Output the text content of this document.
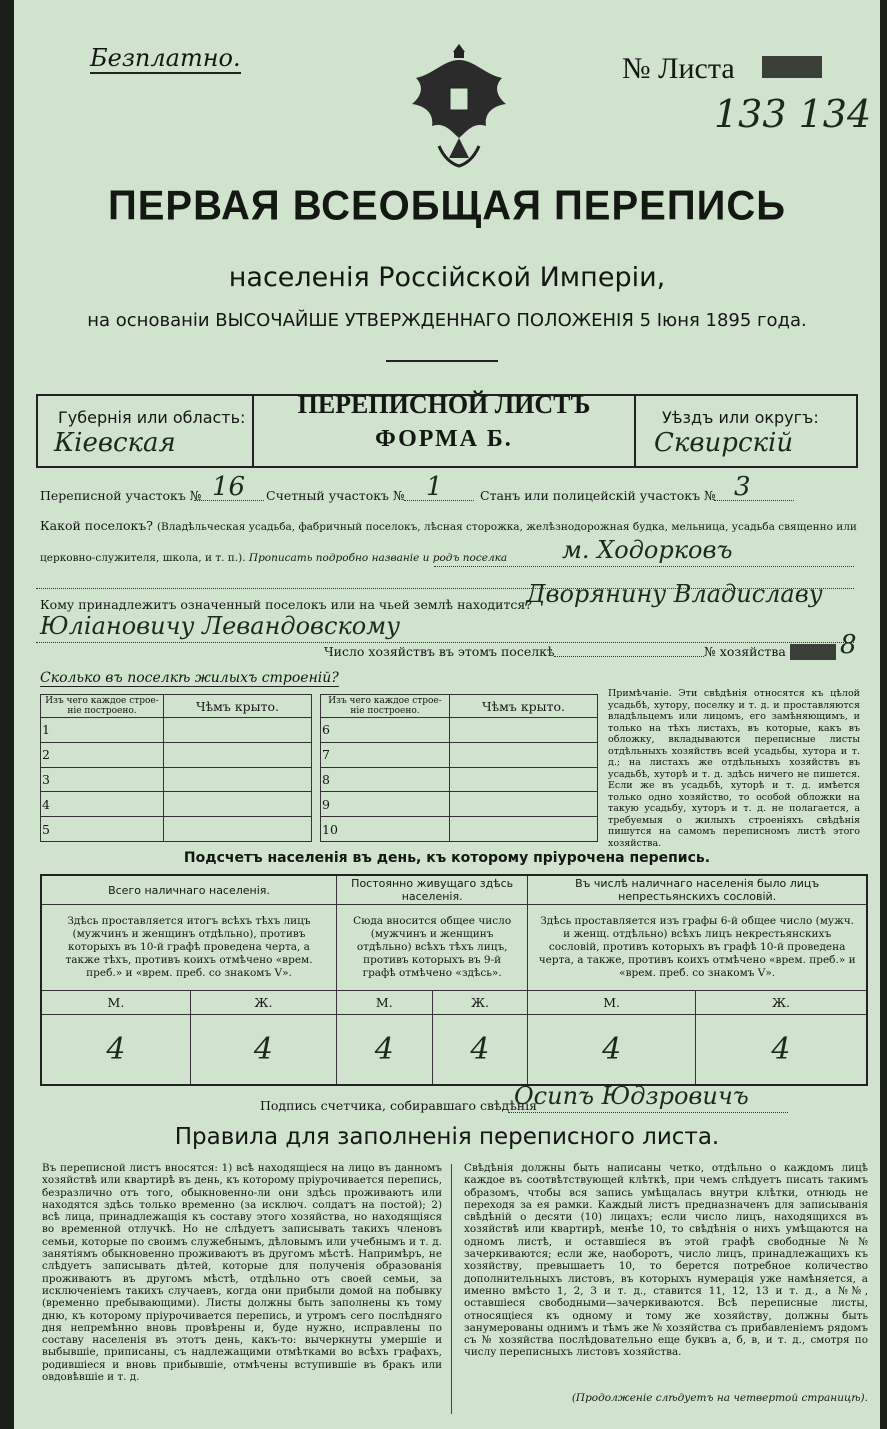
Безплатно.	№ Листа
133 134
ПЕРВАЯ ВСЕОБЩАЯ ПЕРЕПИСЬ
населенія Россійской Имперіи,
на основаніи ВЫСОЧАЙШЕ УТВЕРЖДЕННАГО ПОЛОЖЕНІЯ 5 Іюня 1895 года.
Губернія или область:
Кіевская
ПЕРЕПИСНОЙ ЛИСТЪ
ФОРМА Б.
Уѣздъ или округъ:
Сквирскій
Переписной участокъ № 16 Счетный участокъ № 1	Станъ или полицейскій участокъ № 3
Какой поселокъ? (Владѣльческая усадьба, фабричный поселокъ, лѣсная сторожка, желѣзнодорожная будка, мельница, усадьба священно или
церковно-служителя, школа, и т. п.). Прописать подробно названіе и родъ поселка м. Ходорковъ
Кому принадлежитъ означенный поселокъ или на чьей землѣ находится?
Дворянину Владиславу
Юліановичу Левандовскому
Число хозяйствъ въ этомъ поселкѣ	№ хозяйства 8
Сколько въ поселкѣ жилыхъ строеній?
Изъ чего каждое строе-ніе построено.	Чѣмъ крыто.
1	
2	
3	
4	
5	
Изъ чего каждое строе-ніе построено.	Чѣмъ крыто.
6	
7	
8	
9	
10	
Примѣчаніе. Эти свѣдѣнія относятся къ цѣлой усадьбѣ, хутору, поселку и т. д. и проставляются владѣльцемъ или лицомъ, его замѣняющимъ, и только на тѣхъ листахъ, въ которые, какъ въ обложку, вкладываются переписные листы отдѣльныхъ хозяйствъ всей усадьбы, хутора и т. д.; на листахъ же отдѣльныхъ хозяйствъ въ усадьбѣ, хуторѣ и т. д. здѣсь ничего не пишется. Если же въ усадьбѣ, хуторѣ и т. д. имѣется только одно хозяйство, то особой обложки на такую усадьбу, хуторъ и т. д. не полагается, а требуемыя о жилыхъ строеніяхъ свѣдѣнія пишутся на самомъ переписномъ листѣ этого хозяйства.
Подсчетъ населенія въ день, къ которому пріурочена перепись.
Всего наличнаго населенія.		Постоянно живущаго здѣсь населенія.		Въ числѣ наличнаго населенія было лицъ непрестьянскихъ сословій.	
Здѣсь проставляется итогъ всѣхъ тѣхъ лицъ (мужчинъ и женщинъ отдѣльно), противъ которыхъ въ 10-й графѣ проведена черта, а также тѣхъ, противъ коихъ отмѣчено «врем. преб.» и «врем. преб. со знакомъ V».		Сюда вносится общее число (мужчинъ и женщинъ отдѣльно) всѣхъ тѣхъ лицъ, противъ которыхъ въ 9-й графѣ отмѣчено «здѣсь».		Здѣсь проставляется изъ графы 6-й общее число (мужч. и женщ. отдѣльно) всѣхъ лицъ некрестьянскихъ сословій, противъ которыхъ въ графѣ 10-й проведена черта, а также, противъ коихъ отмѣчено «врем. преб.» и «врем. преб. со знакомъ V».	
М.	Ж.	М.	Ж.	М.	Ж.
4	4	4	4	4	4
Подпись счетчика, собиравшаго свѣдѣнія
Осипъ Юдзровичъ
Правила для заполненія переписного листа.
Въ переписной листъ вносятся: 1) всѣ находящіеся на лицо въ данномъ хозяйствѣ или квартирѣ въ день, къ которому пріурочивается перепись, безразлично отъ того, обыкновенно-ли они здѣсь проживаютъ или находятся здѣсь только временно (за исключ. солдатъ на постой); 2) всѣ лица, принадлежащія къ составу этого хозяйства, но находящіяся во временной отлучкѣ. Но не слѣдуетъ записывать такихъ членовъ семьи, которые по своимъ служебнымъ, дѣловымъ или учебнымъ и т. д. занятіямъ обыкновенно проживаютъ въ другомъ мѣстѣ. Напримѣръ, не слѣдуетъ записывать дѣтей, которые для полученія образованія проживаютъ въ другомъ мѣстѣ, отдѣльно отъ своей семьи, за исключеніемъ такихъ случаевъ, когда они прибыли домой на побывку (временно пребывающими). Листы должны быть заполнены къ тому дню, къ которому пріурочивается перепись, и утромъ сего послѣдняго дня непремѣнно вновь провѣрены и, буде нужно, исправлены по составу населенія въ этотъ день, какъ-то: вычеркнуты умершіе и выбывшіе, приписаны, съ надлежащими отмѣтками во всѣхъ графахъ, родившіеся и вновь прибывшіе, отмѣчены вступившіе въ бракъ или овдовѣвшіе и т. д.
Свѣдѣнія должны быть написаны четко, отдѣльно о каждомъ лицѣ каждое въ соотвѣтствующей клѣткѣ, при чемъ слѣдуетъ писать такимъ образомъ, чтобы вся запись умѣщалась внутри клѣтки, отнюдь не переходя за ея рамки. Каждый листъ предназначенъ для записыванія свѣдѣній о десяти (10) лицахъ; если число лицъ, находящихся въ хозяйствѣ или квартирѣ, менѣе 10, то свѣдѣнія о нихъ умѣщаются на одномъ листѣ, и оставшіеся въ этой графѣ свободные №№ зачеркиваются; если же, наоборотъ, число лицъ, принадлежащихъ къ хозяйству, превышаетъ 10, то берется потребное количество дополнительныхъ листовъ, въ которыхъ нумерація уже намѣняется, а именно вмѣсто 1, 2, 3 и т. д., ставится 11, 12, 13 и т. д., а №№, оставшіеся свободными—зачеркиваются. Всѣ переписные листы, относящіеся къ одному и тому же хозяйству, должны быть занумерованы однимъ и тѣмъ же № хозяйства съ прибавленіемъ рядомъ съ № хозяйства послѣдовательно еще буквъ а, б, в, и т. д., смотря по числу переписныхъ листовъ хозяйства.
(Продолженіе слѣдуетъ на четвертой страницѣ).
